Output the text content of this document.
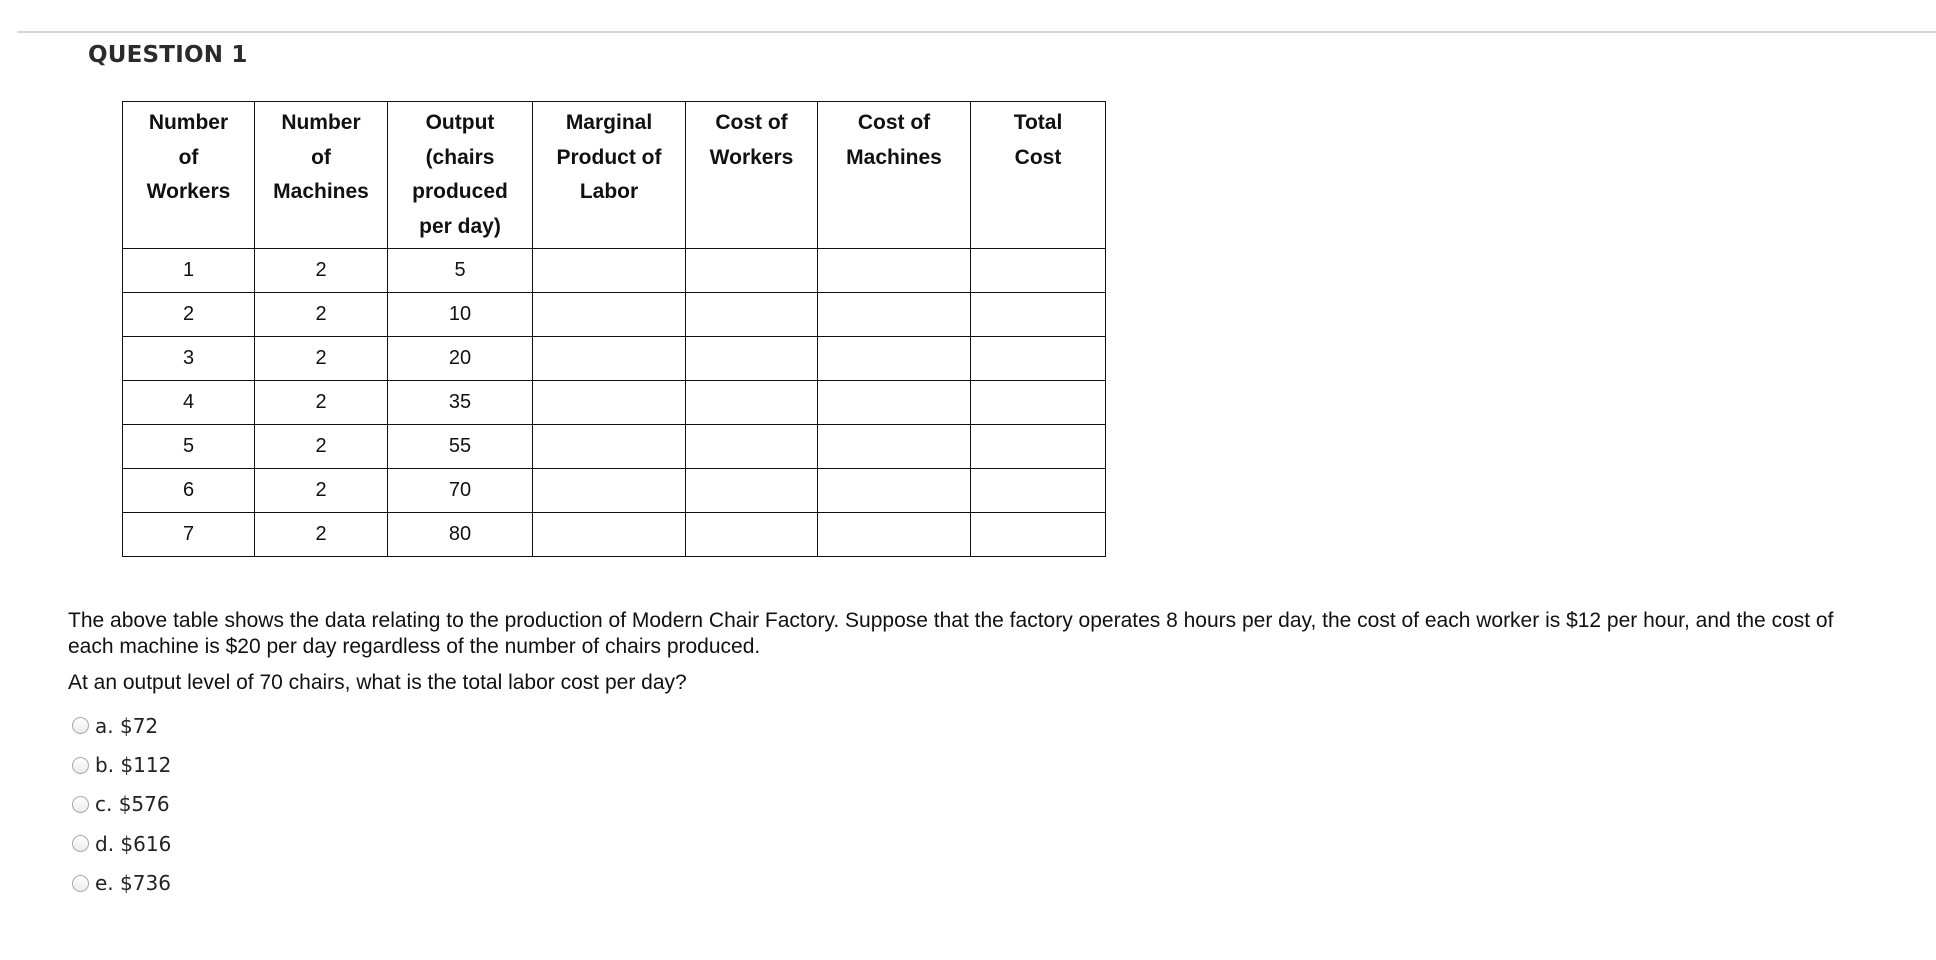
QUESTION 1
Number
of
Workers	Number
of
Machines	Output
(chairs
produced
per day)	Marginal
Product of
Labor	Cost of
Workers	Cost of
Machines	Total
Cost

1	2	5				
2	2	10				
3	2	20				
4	2	35				
5	2	55				
6	2	70				
7	2	80				
The above table shows the data relating to the production of Modern Chair Factory. Suppose that the factory operates 8 hours per day, the cost of each worker is $12 per hour, and the cost of each machine is $20 per day regardless of the number of chairs produced.
At an output level of 70 chairs, what is the total labor cost per day?
a. $72
b. $112
c. $576
d. $616
e. $736
